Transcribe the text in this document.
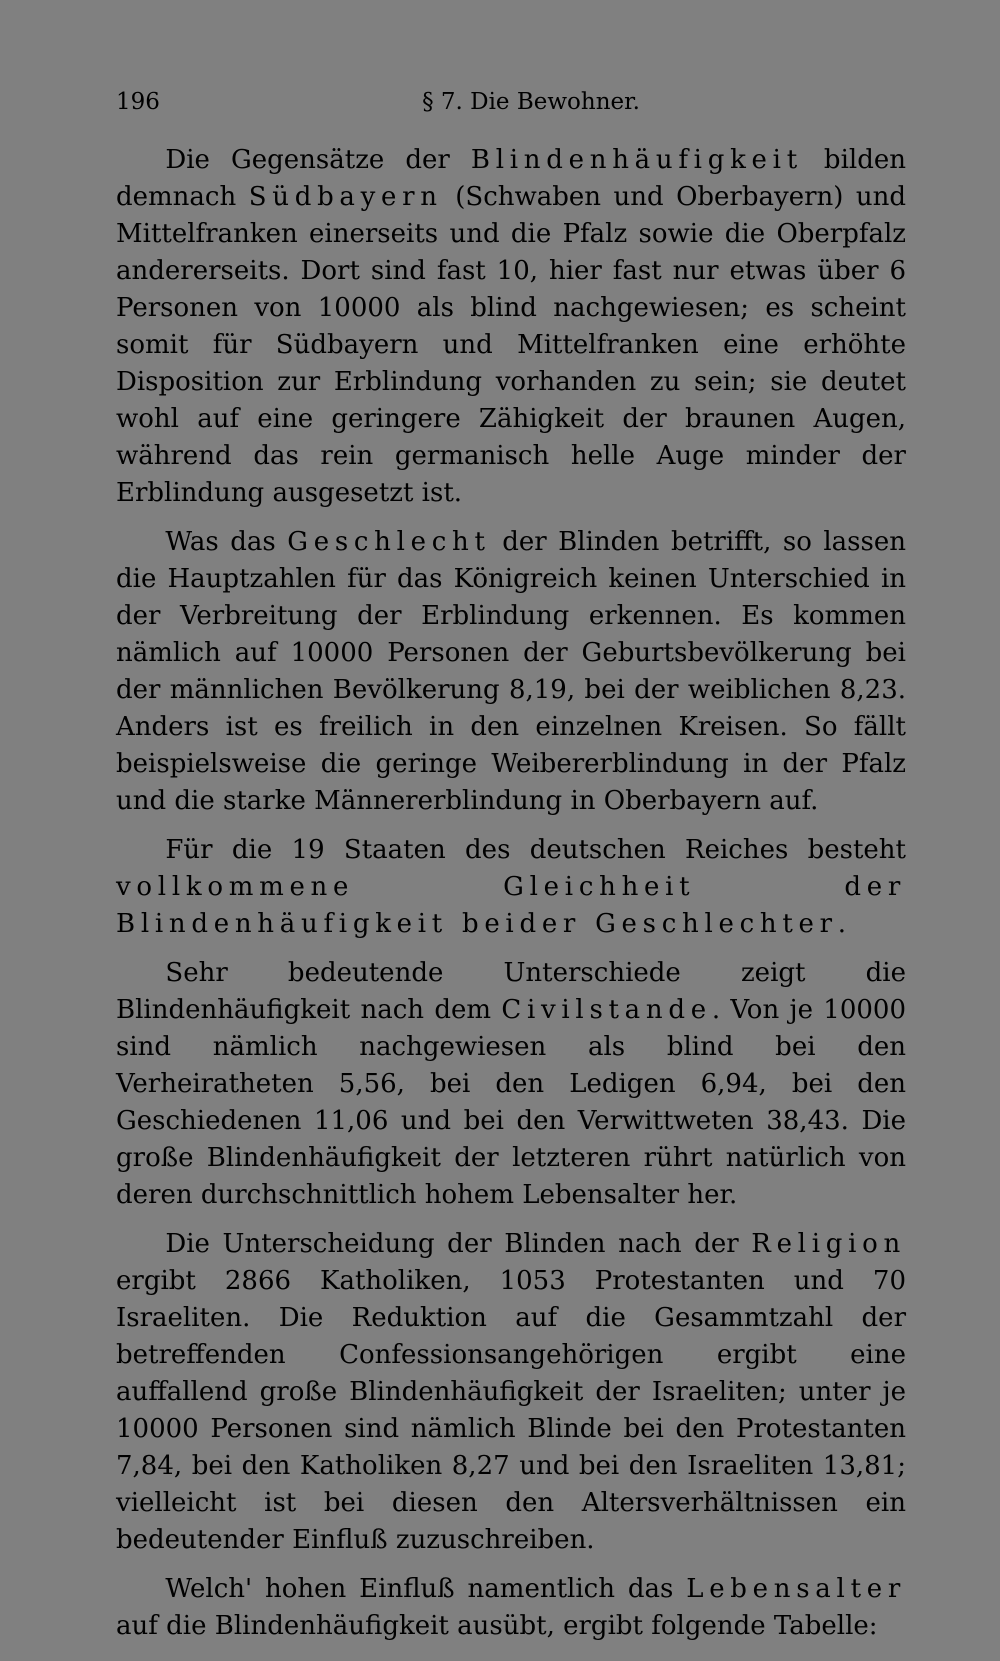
196	§ 7. Die Bewohner.

Die Gegensätze der Blindenhäufigkeit bilden demnach Südbayern (Schwaben und Oberbayern) und Mittelfranken einerseits und die Pfalz sowie die Oberpfalz andererseits. Dort sind fast 10, hier fast nur etwas über 6 Personen von 10000 als blind nachgewiesen; es scheint somit für Südbayern und Mittelfranken eine erhöhte Disposition zur Erblindung vorhanden zu sein; sie deutet wohl auf eine geringere Zähigkeit der braunen Augen, während das rein germanisch helle Auge minder der Erblindung ausgesetzt ist.

Was das Geschlecht der Blinden betrifft, so lassen die Hauptzahlen für das Königreich keinen Unterschied in der Verbreitung der Erblindung erkennen. Es kommen nämlich auf 10000 Personen der Geburtsbevölkerung bei der männlichen Bevölkerung 8,19, bei der weiblichen 8,23. Anders ist es freilich in den einzelnen Kreisen. So fällt beispielsweise die geringe Weibererblindung in der Pfalz und die starke Männererblindung in Oberbayern auf.

Für die 19 Staaten des deutschen Reiches besteht vollkommene Gleichheit der Blindenhäufigkeit beider Geschlechter.

Sehr bedeutende Unterschiede zeigt die Blindenhäufigkeit nach dem Civilstande. Von je 10000 sind nämlich nachgewiesen als blind bei den Verheiratheten 5,56, bei den Ledigen 6,94, bei den Geschiedenen 11,06 und bei den Verwittweten 38,43. Die große Blindenhäufigkeit der letzteren rührt natürlich von deren durchschnittlich hohem Lebensalter her.

Die Unterscheidung der Blinden nach der Religion ergibt 2866 Katholiken, 1053 Protestanten und 70 Israeliten. Die Reduktion auf die Gesammtzahl der betreffenden Confessionsangehörigen ergibt eine auffallend große Blindenhäufigkeit der Israeliten; unter je 10000 Personen sind nämlich Blinde bei den Protestanten 7,84, bei den Katholiken 8,27 und bei den Israeliten 13,81; vielleicht ist bei diesen den Altersverhältnissen ein bedeutender Einfluß zuzuschreiben.

Welch' hohen Einfluß namentlich das Lebensalter auf die Blindenhäufigkeit ausübt, ergibt folgende Tabelle:
